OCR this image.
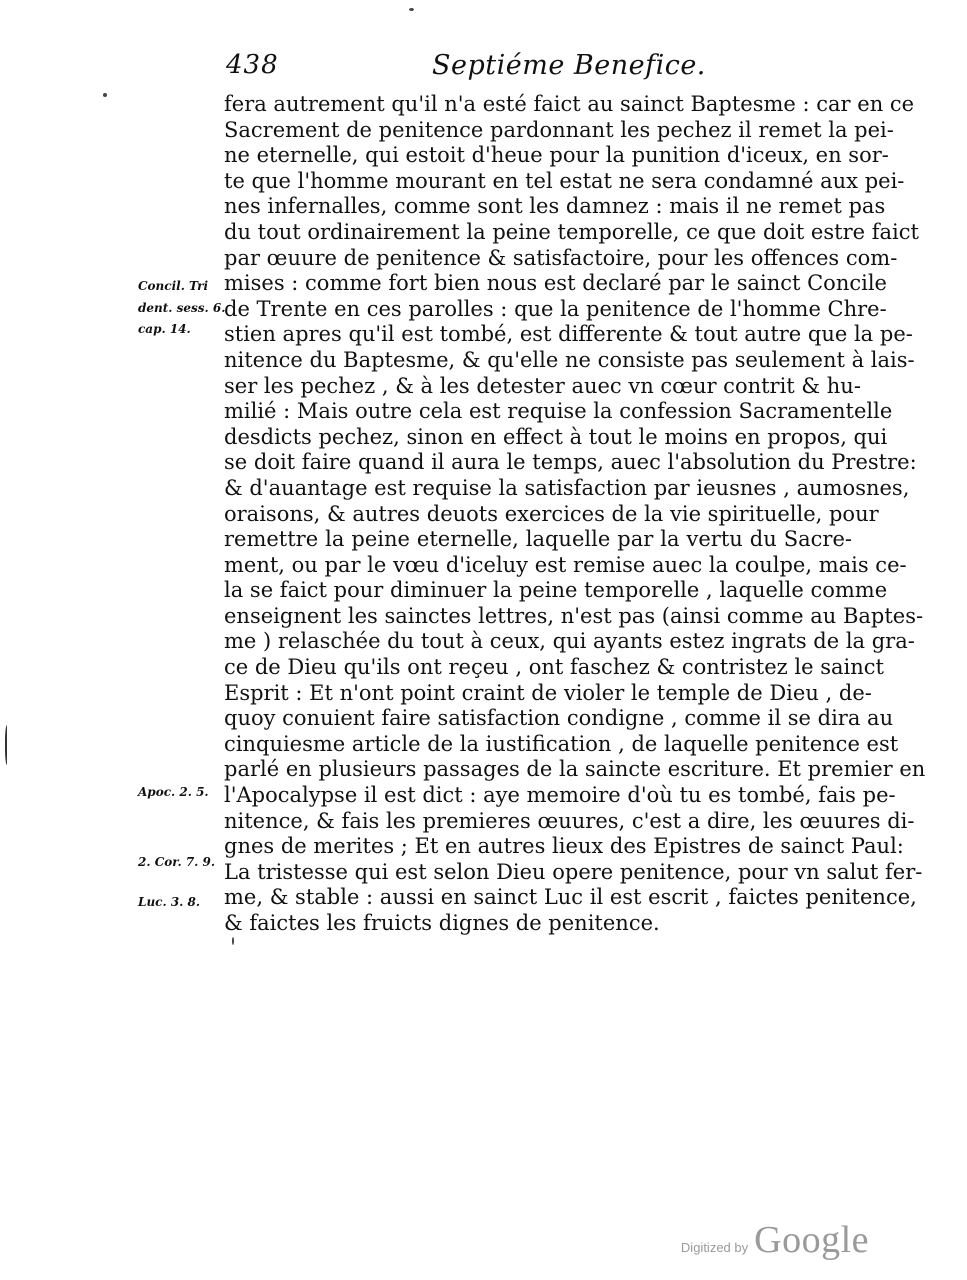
438	Septiéme Benefice.
fera autrement qu'il n'a esté faict au sainct Baptesme : car en ce
Sacrement de penitence pardonnant les pechez il remet la pei-
ne eternelle, qui estoit d'heue pour la punition d'iceux, en sor-
te que l'homme mourant en tel estat ne sera condamné aux pei-
nes infernalles, comme sont les damnez : mais il ne remet pas
du tout ordinairement la peine temporelle, ce que doit estre faict
par œuure de penitence & satisfactoire, pour les offences com-
mises : comme fort bien nous est declaré par le sainct Concile
de Trente en ces parolles : que la penitence de l'homme Chre-
stien apres qu'il est tombé, est differente & tout autre que la pe-
nitence du Baptesme, & qu'elle ne consiste pas seulement à lais-
ser les pechez , & à les detester auec vn cœur contrit & hu-
milié : Mais outre cela est requise la confession Sacramentelle
desdicts pechez, sinon en effect à tout le moins en propos, qui
se doit faire quand il aura le temps, auec l'absolution du Prestre:
& d'auantage est requise la satisfaction par ieusnes , aumosnes,
oraisons, & autres deuots exercices de la vie spirituelle, pour
remettre la peine eternelle, laquelle par la vertu du Sacre-
ment, ou par le vœu d'iceluy est remise auec la coulpe, mais ce-
la se faict pour diminuer la peine temporelle , laquelle comme
enseignent les sainctes lettres, n'est pas (ainsi comme au Baptes-
me ) relaschée du tout à ceux, qui ayants estez ingrats de la gra-
ce de Dieu qu'ils ont reçeu , ont faschez & contristez le sainct
Esprit : Et n'ont point craint de violer le temple de Dieu , de-
quoy conuient faire satisfaction condigne , comme il se dira au
cinquiesme article de la iustification , de laquelle penitence est
parlé en plusieurs passages de la saincte escriture. Et premier en
l'Apocalypse il est dict : aye memoire d'où tu es tombé, fais pe-
nitence, & fais les premieres œuures, c'est a dire, les œuures di-
gnes de merites ; Et en autres lieux des Epistres de sainct Paul:
La tristesse qui est selon Dieu opere penitence, pour vn salut fer-
me, & stable : aussi en sainct Luc il est escrit , faictes penitence,
& faictes les fruicts dignes de penitence.
Concil. Tri
dent. sess. 6.
cap. 14.
Apoc. 2. 5.
2. Cor. 7. 9.
Luc. 3. 8.
Digitized by Google
